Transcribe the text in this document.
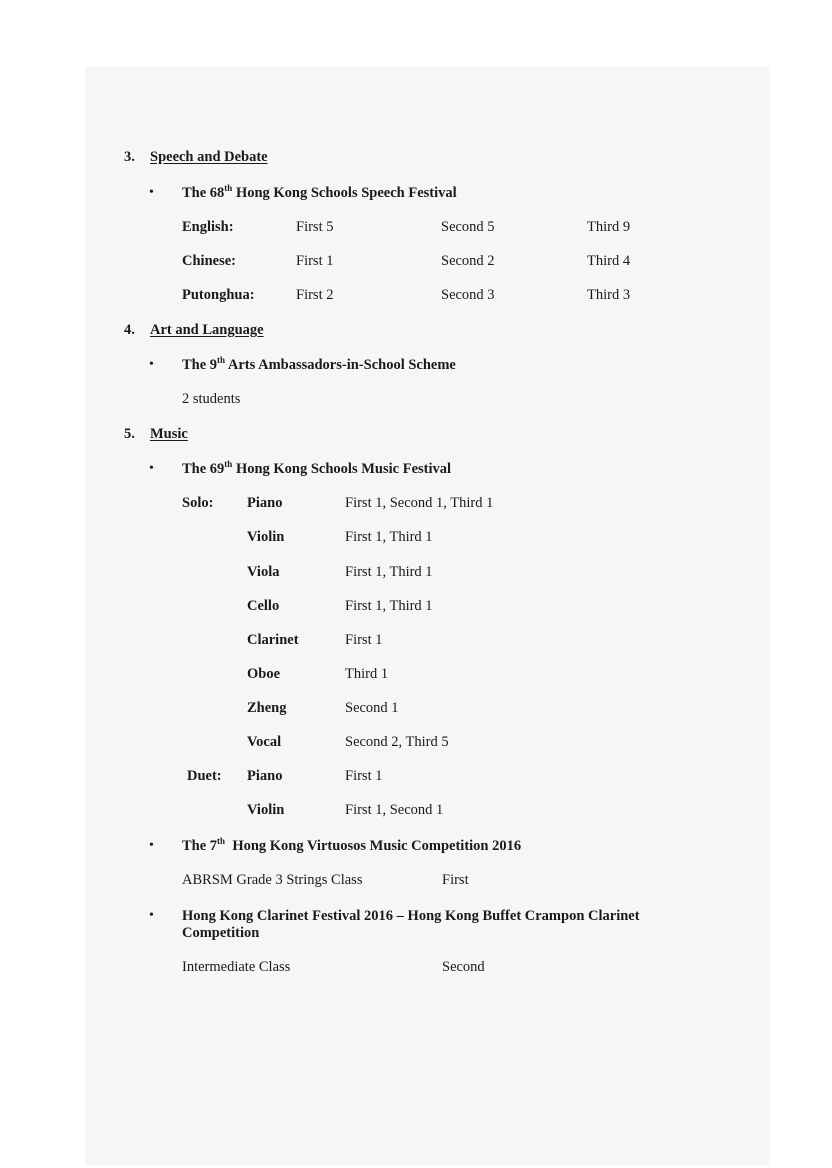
3. Speech and Debate
• The 68th Hong Kong Schools Speech Festival
English:	First 5	Second 5	Third 9
Chinese:	First 1	Second 2	Third 4
Putonghua:	First 2	Second 3	Third 3
4. Art and Language
• The 9th Arts Ambassadors-in-School Scheme
2 students
5. Music
• The 69th Hong Kong Schools Music Festival
Solo: Piano	First 1, Second 1, Third 1
Violin	First 1, Third 1
Viola	First 1, Third 1
Cello	First 1, Third 1
Clarinet	First 1
Oboe	Third 1
Zheng	Second 1
Vocal	Second 2, Third 5
Duet: Piano	First 1
Violin	First 1, Second 1
• The 7th  Hong Kong Virtuosos Music Competition 2016
ABRSM Grade 3 Strings Class	First
• Hong Kong Clarinet Festival 2016 – Hong Kong Buffet Crampon Clarinet
Competition
Intermediate Class	Second
